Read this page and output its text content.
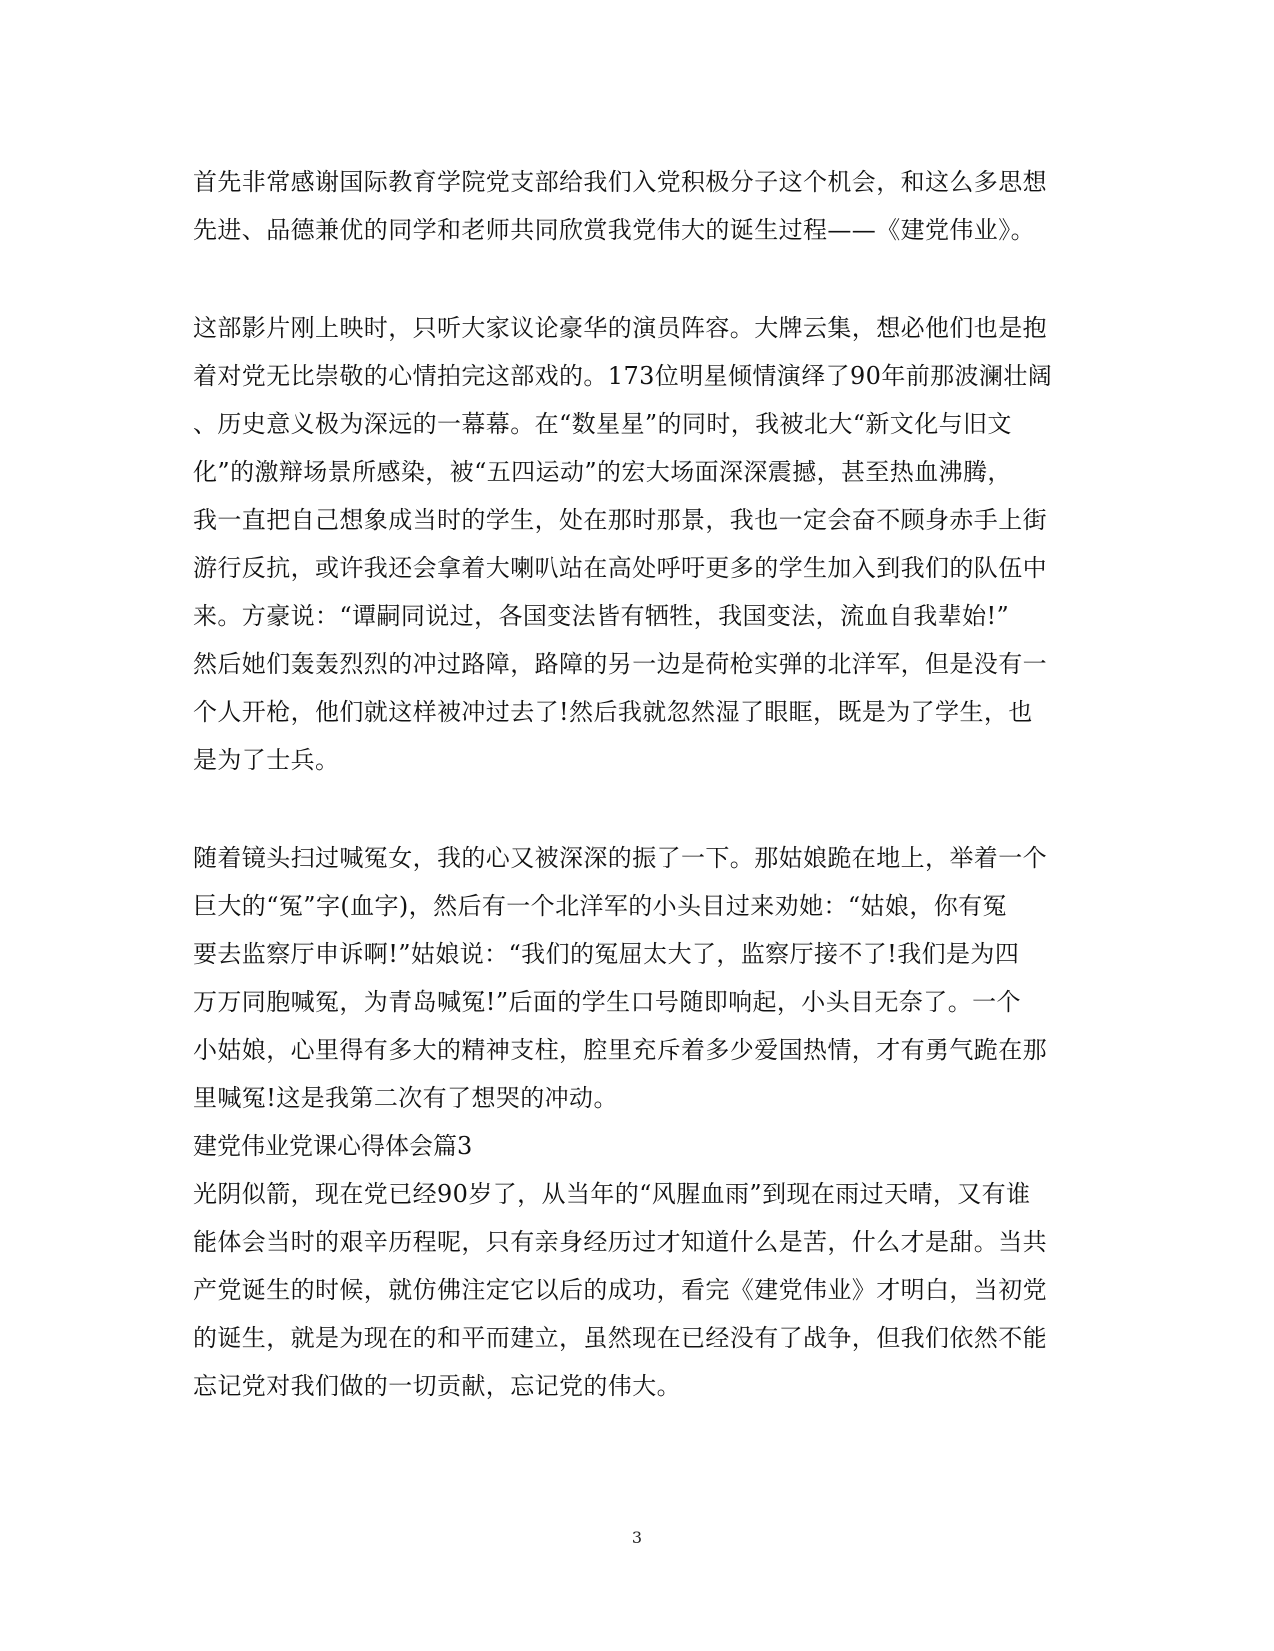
首先非常感谢国际教育学院党支部给我们入党积极分子这个机会，和这么多思想
先进、品德兼优的同学和老师共同欣赏我党伟大的诞生过程——《建党伟业》。
这部影片刚上映时，只听大家议论豪华的演员阵容。大牌云集，想必他们也是抱
着对党无比崇敬的心情拍完这部戏的。173位明星倾情演绎了90年前那波澜壮阔
、历史意义极为深远的一幕幕。在“数星星”的同时，我被北大“新文化与旧文
化”的激辩场景所感染，被“五四运动”的宏大场面深深震撼，甚至热血沸腾，
我一直把自己想象成当时的学生，处在那时那景，我也一定会奋不顾身赤手上街
游行反抗，或许我还会拿着大喇叭站在高处呼吁更多的学生加入到我们的队伍中
来。方豪说：“谭嗣同说过，各国变法皆有牺牲，我国变法，流血自我辈始!”
然后她们轰轰烈烈的冲过路障，路障的另一边是荷枪实弹的北洋军，但是没有一
个人开枪，他们就这样被冲过去了!然后我就忽然湿了眼眶，既是为了学生，也
是为了士兵。
随着镜头扫过喊冤女，我的心又被深深的振了一下。那姑娘跪在地上，举着一个
巨大的“冤”字(血字)，然后有一个北洋军的小头目过来劝她：“姑娘，你有冤
要去监察厅申诉啊!”姑娘说：“我们的冤屈太大了，监察厅接不了!我们是为四
万万同胞喊冤，为青岛喊冤!”后面的学生口号随即响起，小头目无奈了。一个
小姑娘，心里得有多大的精神支柱，腔里充斥着多少爱国热情，才有勇气跪在那
里喊冤!这是我第二次有了想哭的冲动。
建党伟业党课心得体会篇3
光阴似箭，现在党已经90岁了，从当年的“风腥血雨”到现在雨过天晴，又有谁
能体会当时的艰辛历程呢，只有亲身经历过才知道什么是苦，什么才是甜。当共
产党诞生的时候，就仿佛注定它以后的成功，看完《建党伟业》才明白，当初党
的诞生，就是为现在的和平而建立，虽然现在已经没有了战争，但我们依然不能
忘记党对我们做的一切贡献，忘记党的伟大。
3
